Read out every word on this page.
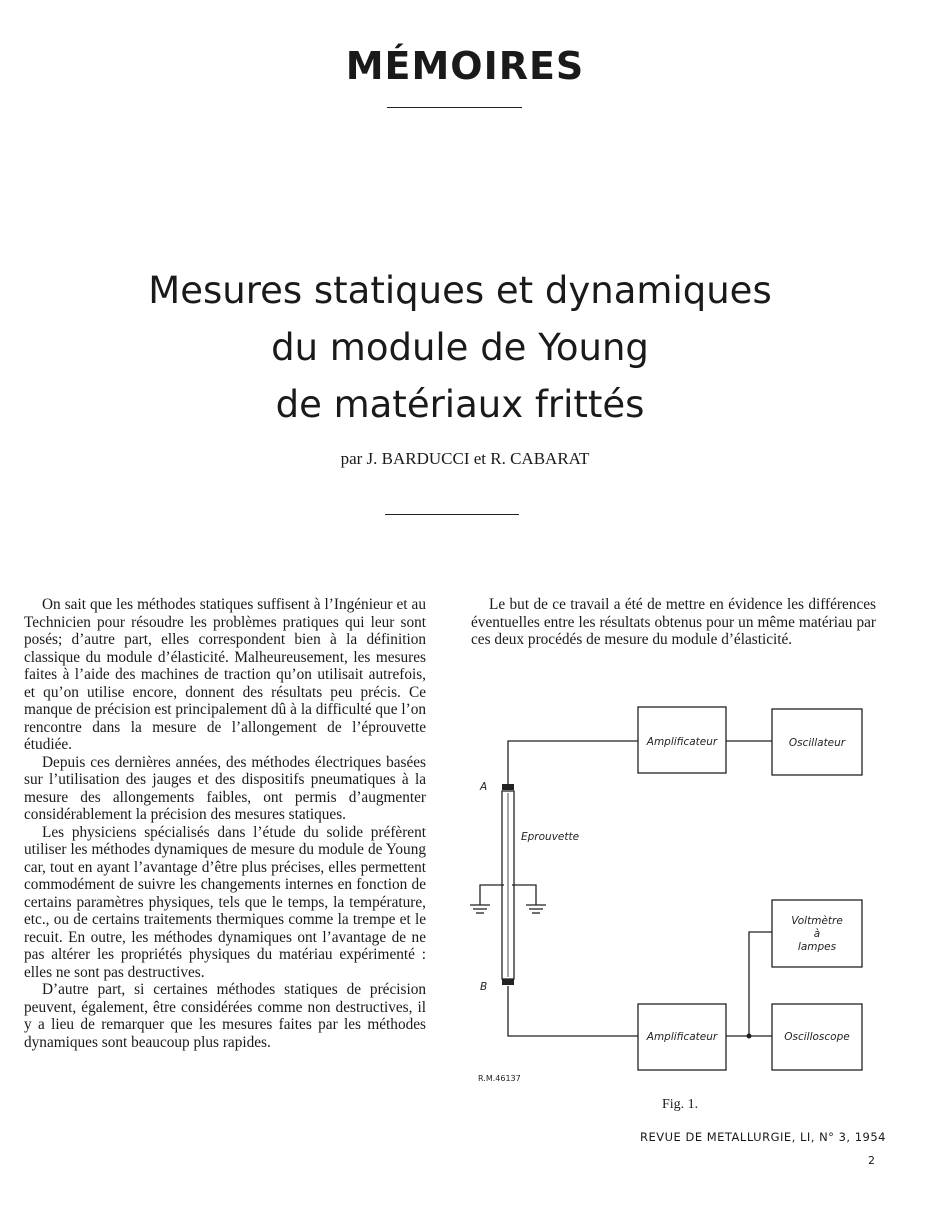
MÉMOIRES
Mesures statiques et dynamiques
du module de Young
de matériaux frittés
par J. BARDUCCI et R. CABARAT

On sait que les méthodes statiques suffisent à l’Ingénieur et au Technicien pour résoudre les problèmes pratiques qui leur sont posés; d’autre part, elles correspondent bien à la définition classique du module d’élasticité. Malheureusement, les mesures faites à l’aide des machines de traction qu’on utilisait autrefois, et qu’on utilise encore, donnent des résultats peu précis. Ce manque de précision est principalement dû à la difficulté que l’on rencontre dans la mesure de l’allongement de l’éprouvette étudiée.

Depuis ces dernières années, des méthodes électriques basées sur l’utilisation des jauges et des dispositifs pneumatiques à la mesure des allongements faibles, ont permis d’augmenter considérablement la précision des mesures statiques.

Les physiciens spécialisés dans l’étude du solide préfèrent utiliser les méthodes dynamiques de mesure du module de Young car, tout en ayant l’avantage d’être plus précises, elles permettent commodément de suivre les changements internes en fonction de certains paramètres physiques, tels que le temps, la température, etc., ou de certains traitements thermiques comme la trempe et le recuit. En outre, les méthodes dynamiques ont l’avantage de ne pas altérer les propriétés physiques du matériau expérimenté : elles ne sont pas destructives.

D’autre part, si certaines méthodes statiques de précision peuvent, également, être considérées comme non destructives, il y a lieu de remarquer que les mesures faites par les méthodes dynamiques sont beaucoup plus rapides.

Le but de ce travail a été de mettre en évidence les différences éventuelles entre les résultats obtenus pour un même matériau par ces deux procédés de mesure du module d’élasticité.

Amplificateur	Oscillateur
Voltmètre
à
lampes
Amplificateur	Oscilloscope
Eprouvette
A
B
R.M.46137
Fig. 1.
REVUE DE METALLURGIE, LI, N° 3, 1954
2
